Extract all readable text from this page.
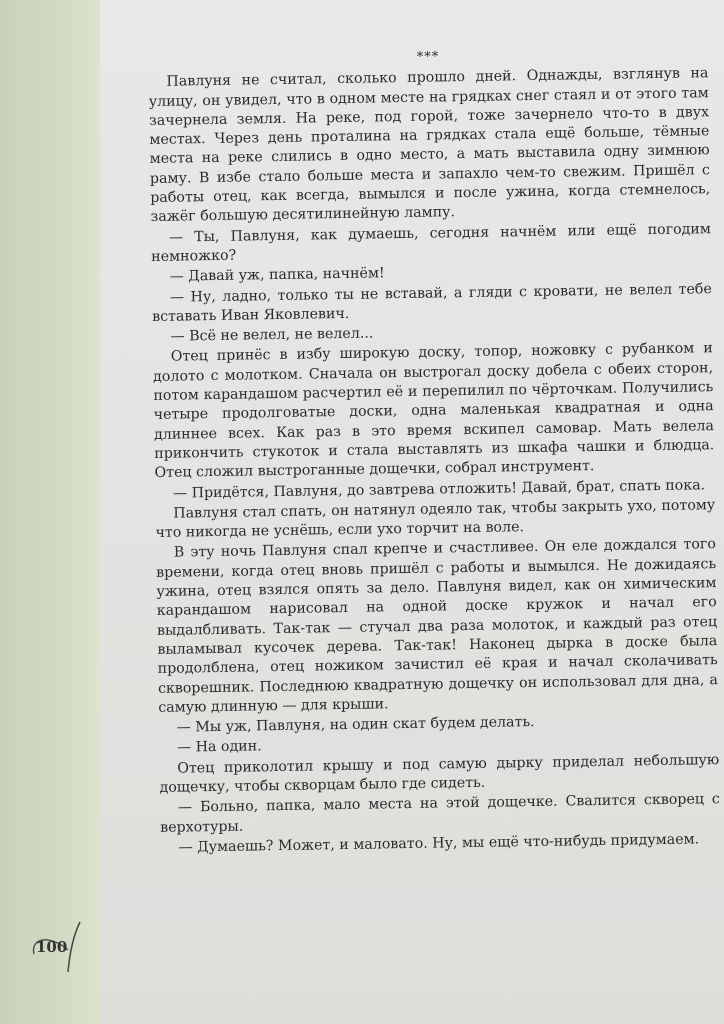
***

Павлуня не считал, сколько прошло дней. Однажды, взглянув на улицу, он увидел, что в одном месте на грядках снег стаял и от этого там зачернела земля. На реке, под горой, тоже зачернело что-то в двух местах. Через день проталина на грядках стала ещё больше, тёмные места на реке слились в одно место, а мать выставила одну зимнюю раму. В избе стало больше места и запахло чем-то свежим. Пришёл с работы отец, как всегда, вымылся и после ужина, когда стемнелось, зажёг большую десятилинейную лампу.

— Ты, Павлуня, как думаешь, сегодня начнём или ещё погодим немножко?

— Давай уж, папка, начнём!

— Ну, ладно, только ты не вставай, а гляди с кровати, не велел тебе вставать Иван Яковлевич.

— Всё не велел, не велел...

Отец принёс в избу широкую доску, топор, ножовку с рубанком и долото с молотком. Сначала он выстрогал доску добела с обеих сторон, потом карандашом расчертил её и перепилил по чёрточкам. Получились четыре продолговатые доски, одна маленькая квадратная и одна длиннее всех. Как раз в это время вскипел самовар. Мать велела прикончить стукоток и стала выставлять из шкафа чашки и блюдца. Отец сложил выстроганные дощечки, собрал инструмент.

— Придётся, Павлуня, до завтрева отложить! Давай, брат, спать пока.

Павлуня стал спать, он натянул одеяло так, чтобы закрыть ухо, потому что никогда не уснёшь, если ухо торчит на воле.

В эту ночь Павлуня спал крепче и счастливее. Он еле дождался того времени, когда отец вновь пришёл с работы и вымылся. Не дожидаясь ужина, отец взялся опять за дело. Павлуня видел, как он химическим карандашом нарисовал на одной доске кружок и начал его выдалбливать. Так-так — стучал два раза молоток, и каждый раз отец выламывал кусочек дерева. Так-так! Наконец дырка в доске была продолблена, отец ножиком зачистил её края и начал сколачивать скворешник. Последнюю квадратную дощечку он использовал для дна, а самую длинную — для крыши.

— Мы уж, Павлуня, на один скат будем делать.

— На один.

Отец приколотил крышу и под самую дырку приделал небольшую дощечку, чтобы скворцам было где сидеть.

— Больно, папка, мало места на этой дощечке. Свалится скворец с верхотуры.

— Думаешь? Может, и маловато. Ну, мы ещё что-нибудь придумаем.

100
